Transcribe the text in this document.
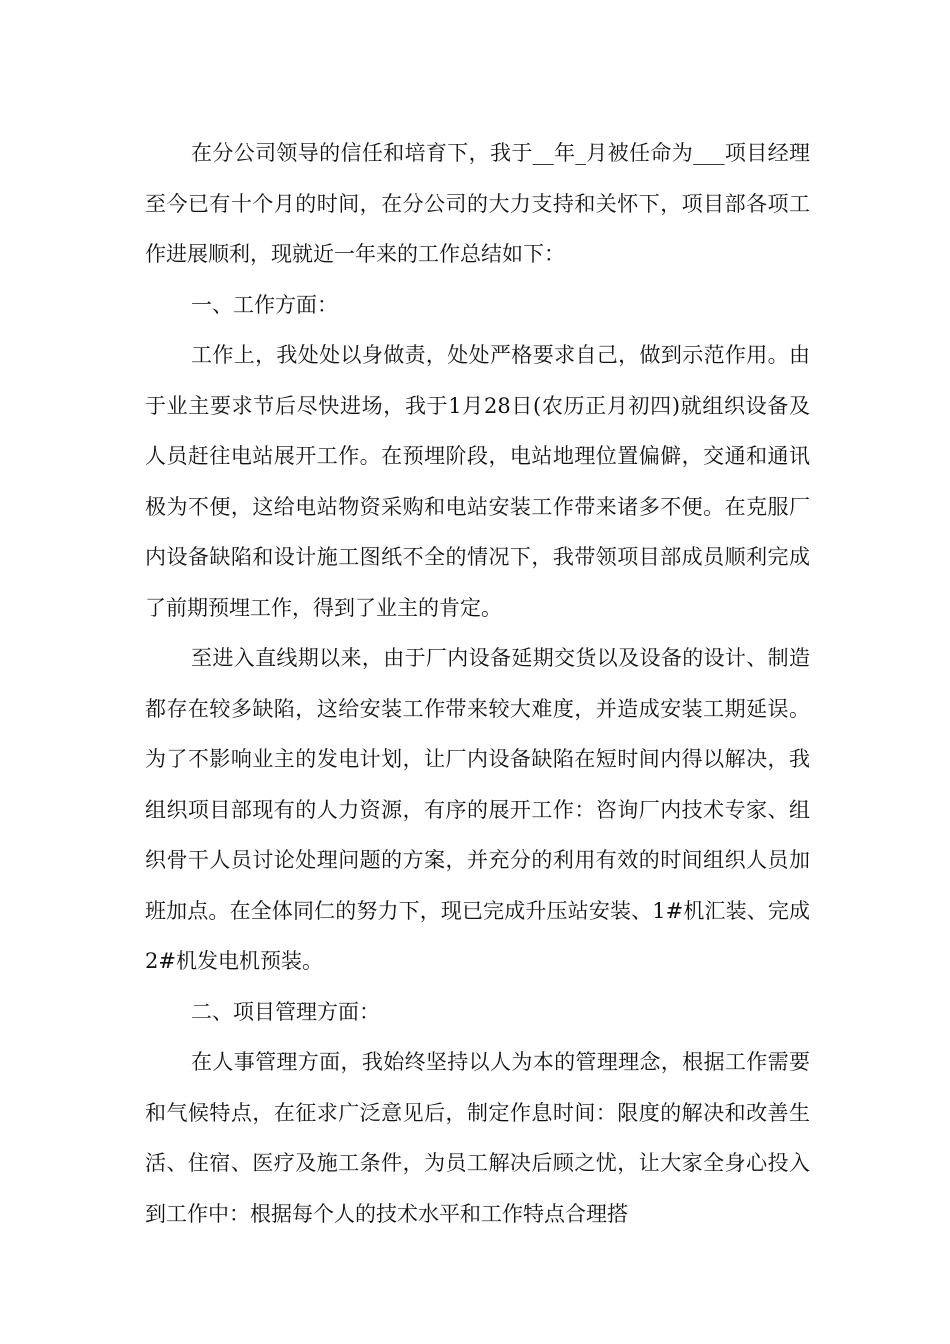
在分公司领导的信任和培育下，我于__年_月被任命为___项目经理至今已有十个月的时间，在分公司的大力支持和关怀下，项目部各项工作进展顺利，现就近一年来的工作总结如下：

一、工作方面：

工作上，我处处以身做责，处处严格要求自己，做到示范作用。由于业主要求节后尽快进场，我于1月28日(农历正月初四)就组织设备及人员赶往电站展开工作。在预埋阶段，电站地理位置偏僻，交通和通讯极为不便，这给电站物资采购和电站安装工作带来诸多不便。在克服厂内设备缺陷和设计施工图纸不全的情况下，我带领项目部成员顺利完成了前期预埋工作，得到了业主的肯定。

至进入直线期以来，由于厂内设备延期交货以及设备的设计、制造都存在较多缺陷，这给安装工作带来较大难度，并造成安装工期延误。为了不影响业主的发电计划，让厂内设备缺陷在短时间内得以解决，我组织项目部现有的人力资源，有序的展开工作：咨询厂内技术专家、组织骨干人员讨论处理问题的方案，并充分的利用有效的时间组织人员加班加点。在全体同仁的努力下，现已完成升压站安装、1#机汇装、完成2#机发电机预装。

二、项目管理方面：

在人事管理方面，我始终坚持以人为本的管理理念，根据工作需要和气候特点，在征求广泛意见后，制定作息时间：限度的解决和改善生活、住宿、医疗及施工条件，为员工解决后顾之忧，让大家全身心投入到工作中：根据每个人的技术水平和工作特点合理搭
